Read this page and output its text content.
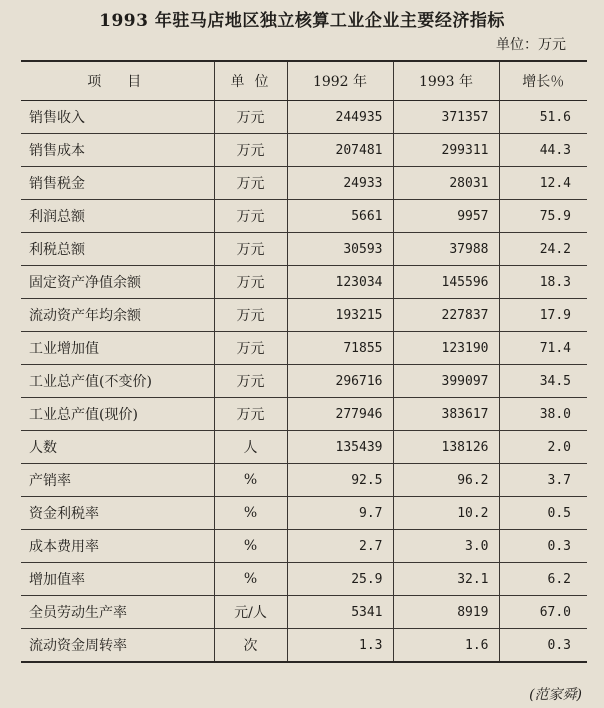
1993 年驻马店地区独立核算工业企业主要经济指标
单位：万元
项目	单位	1992 年	1993 年	增长％
销售收入	万元	244935	371357	51.6
销售成本	万元	207481	299311	44.3
销售税金	万元	24933	28031	12.4
利润总额	万元	5661	9957	75.9
利税总额	万元	30593	37988	24.2
固定资产净值余额	万元	123034	145596	18.3
流动资产年均余额	万元	193215	227837	17.9
工业增加值	万元	71855	123190	71.4
工业总产值(不变价)	万元	296716	399097	34.5
工业总产值(现价)	万元	277946	383617	38.0
人数	人	135439	138126	2.0
产销率	%	92.5	96.2	3.7
资金利税率	%	9.7	10.2	0.5
成本费用率	%	2.7	3.0	0.3
增加值率	%	25.9	32.1	6.2
全员劳动生产率	元/人	5341	8919	67.0
流动资金周转率	次	1.3	1.6	0.3
(范家舜)
